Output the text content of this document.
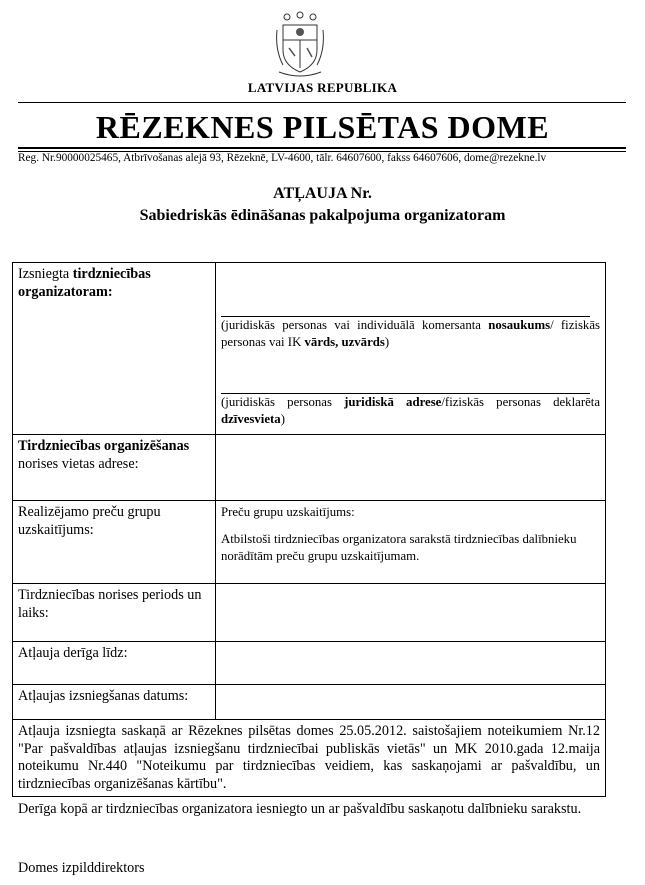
LATVIJAS REPUBLIKA
RĒZEKNES PILSĒTAS DOME
Reg. Nr.90000025465, Atbrīvošanas alejā 93, Rēzeknē, LV-4600, tālr. 64607600, fakss 64607606, dome@rezekne.lv
ATĻAUJA Nr.
Sabiedriskās ēdināšanas pakalpojuma organizatoram
Izsniegta tirdzniecības organizatoram:	(juridiskās personas vai individuālā komersanta nosaukums/ fiziskās personas vai IK vārds, uzvārds)
(juridiskās personas juridiskā adrese/fiziskās personas deklarēta dzīvesvieta)

Tirdzniecības organizēšanas norises vietas adrese:	
Realizējamo preču grupu uzskaitījums:	Preču grupu uzskaitījums:
Atbilstoši tirdzniecības organizatora sarakstā tirdzniecības dalībnieku norādītām preču grupu uzskaitījumam.

Tirdzniecības norises periods un laiks:	
Atļauja derīga līdz:	
Atļaujas izsniegšanas datums:	
Atļauja izsniegta saskaņā ar Rēzeknes pilsētas domes 25.05.2012. saistošajiem noteikumiem Nr.12 "Par pašvaldības atļaujas izsniegšanu tirdzniecībai publiskās vietās" un MK 2010.gada 12.maija noteikumu Nr.440 "Noteikumu par tirdzniecības veidiem, kas saskaņojami ar pašvaldību, un tirdzniecības organizēšanas kārtību".	
Derīga kopā ar tirdzniecības organizatora iesniegto un ar pašvaldību saskaņotu dalībnieku sarakstu.
Domes izpilddirektors
